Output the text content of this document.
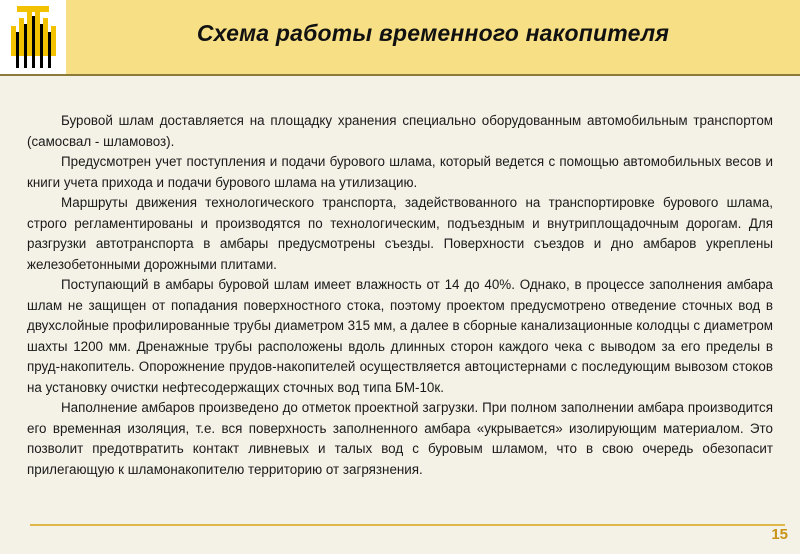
Схема работы временного накопителя

Буровой шлам доставляется на площадку хранения специально оборудованным автомобильным транспортом (самосвал - шламовоз).

Предусмотрен учет поступления и подачи бурового шлама, который ведется с помощью автомобильных весов и книги учета прихода и подачи бурового шлама на утилизацию.

Маршруты движения технологического транспорта, задействованного на транспортировке бурового шлама, строго регламентированы и производятся по технологическим, подъездным и внутриплощадочным дорогам. Для разгрузки автотранспорта в амбары предусмотрены съезды. Поверхности съездов и дно амбаров укреплены железобетонными дорожными плитами.

Поступающий в амбары буровой шлам имеет влажность от 14 до 40%. Однако, в процессе заполнения амбара шлам не защищен от попадания поверхностного стока, поэтому проектом предусмотрено отведение сточных вод в двухслойные профилированные трубы диаметром 315 мм, а далее в сборные канализационные колодцы с диаметром шахты 1200 мм. Дренажные трубы расположены вдоль длинных сторон каждого чека с выводом за его пределы в пруд-накопитель. Опорожнение прудов-накопителей осуществляется автоцистернами с последующим вывозом стоков на установку очистки нефтесодержащих сточных вод типа БМ-10к.

Наполнение амбаров произведено до отметок проектной загрузки. При полном заполнении амбара производится его временная изоляция, т.е. вся поверхность заполненного амбара «укрывается» изолирующим материалом. Это позволит предотвратить контакт ливневых и талых вод с буровым шламом, что в свою очередь обезопасит прилегающую к шламонакопителю территорию от загрязнения.

15
